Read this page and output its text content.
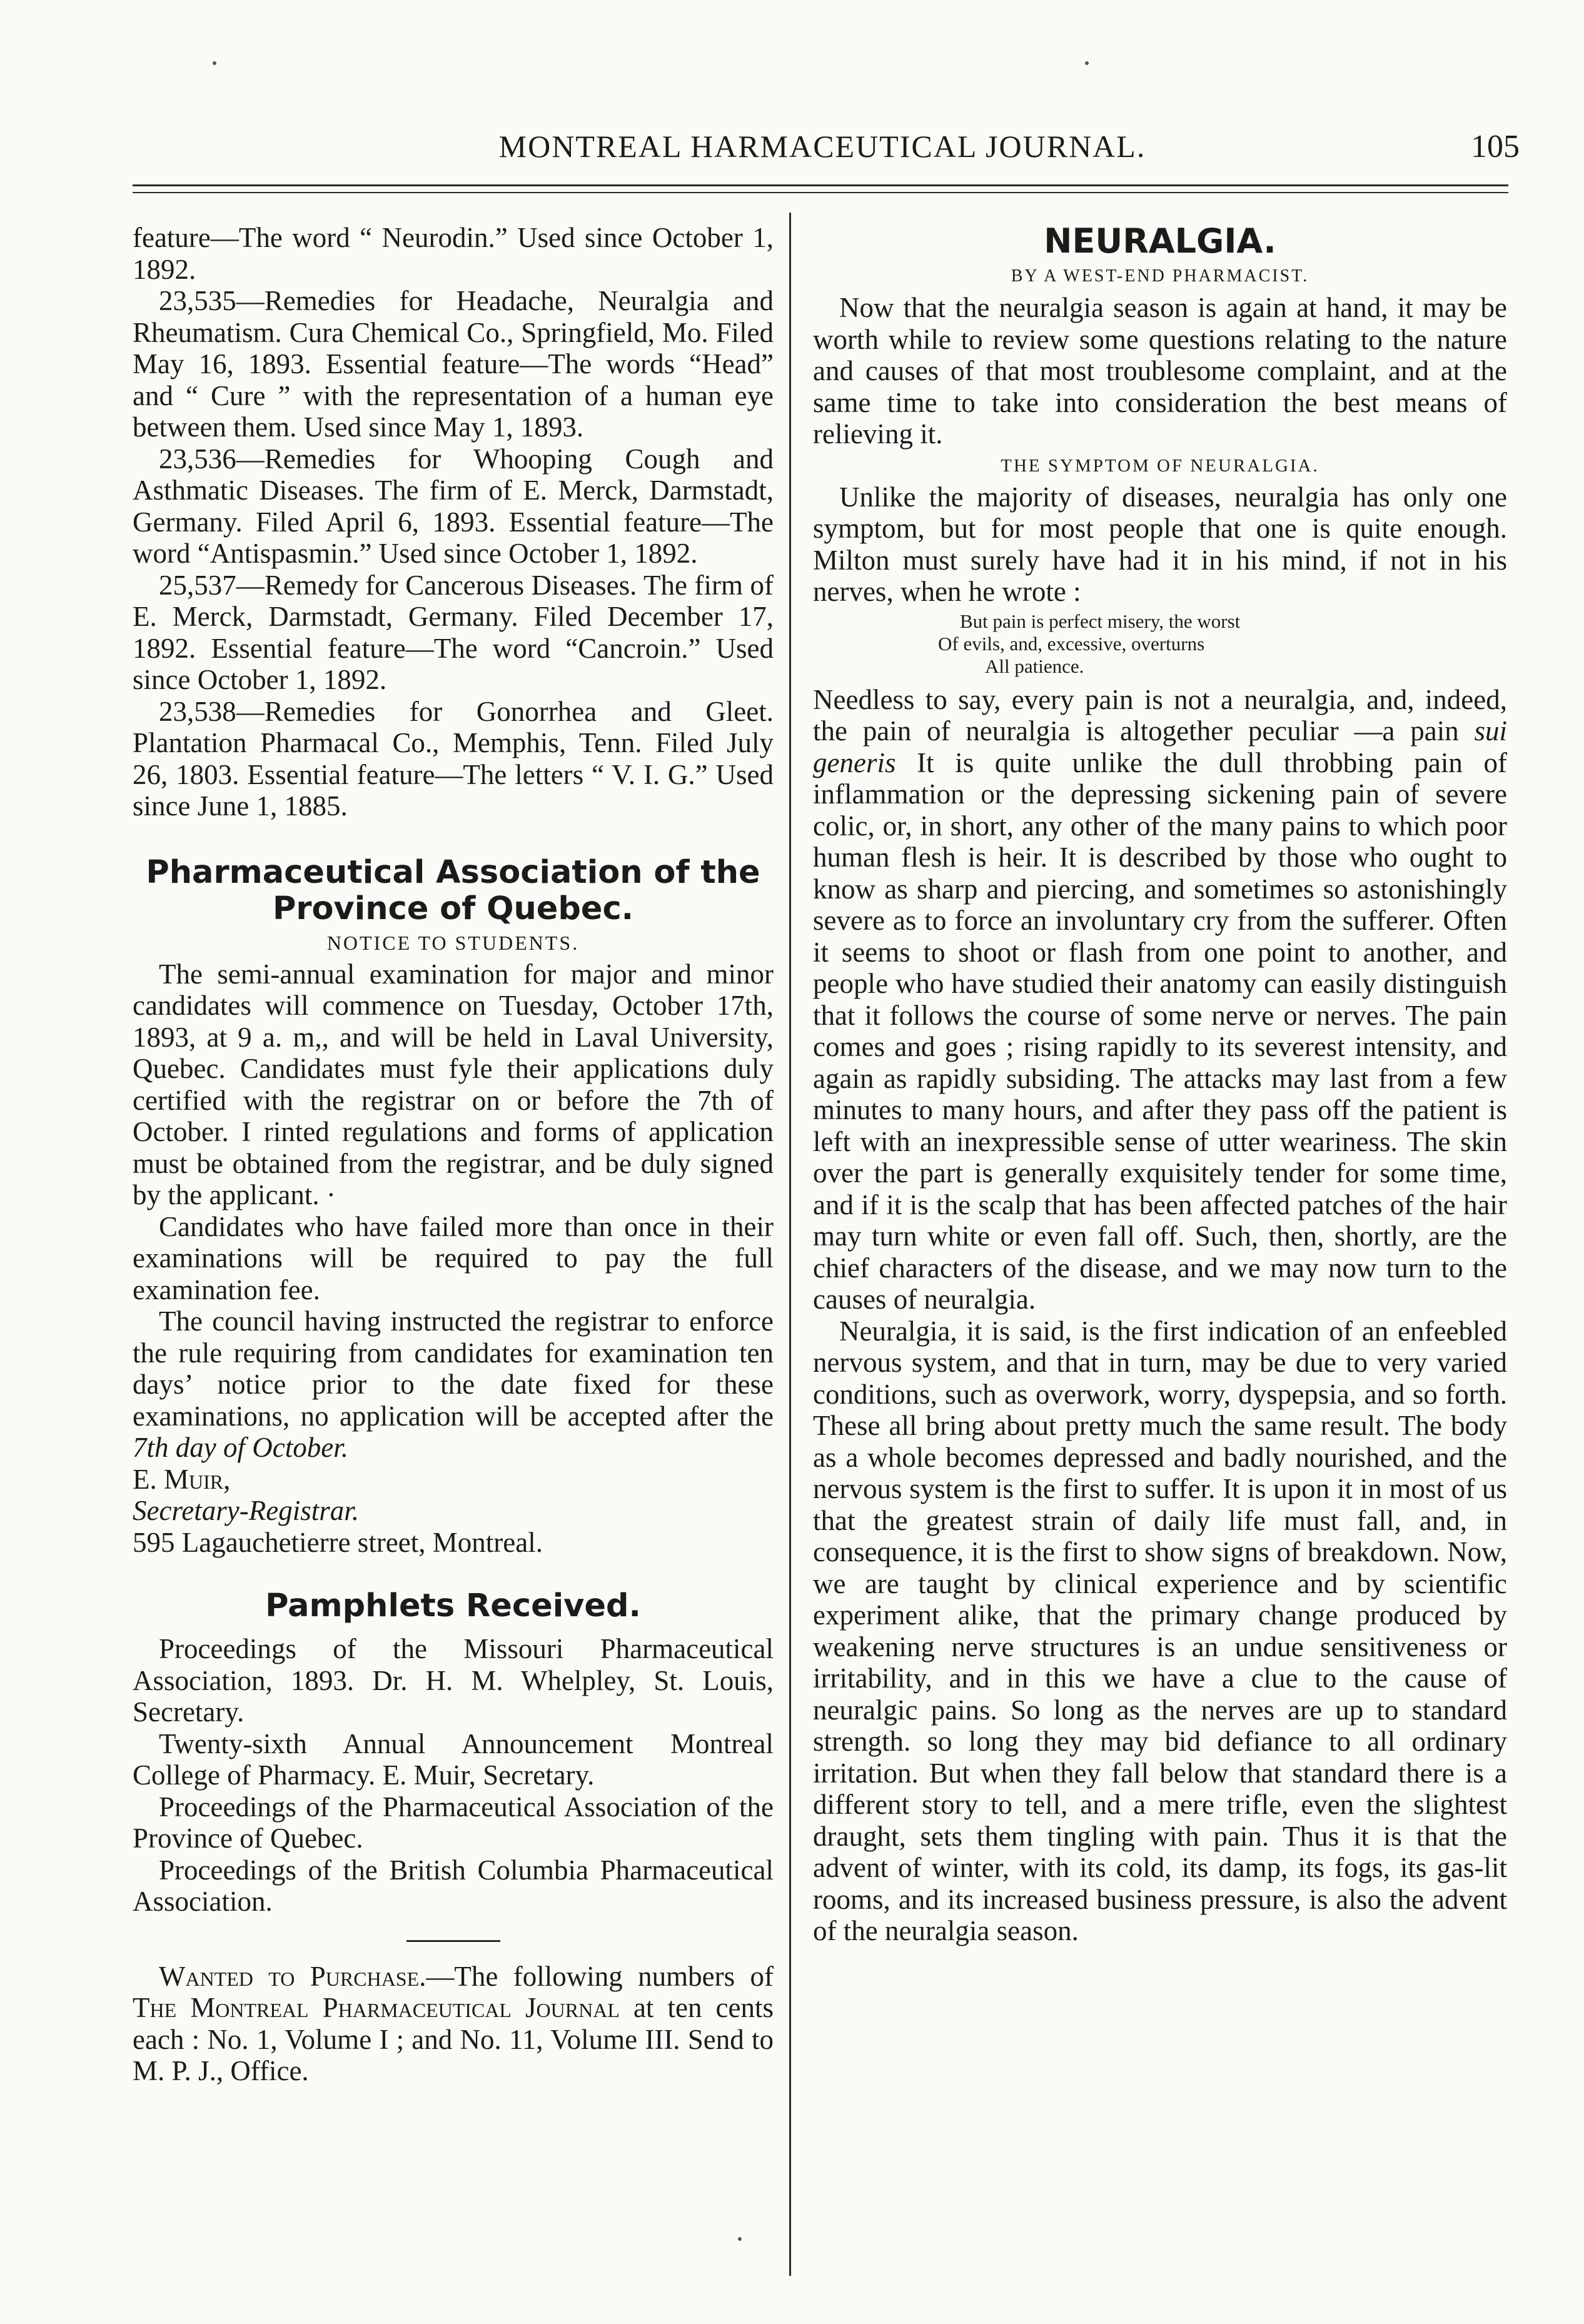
MONTREAL HARMACEUTICAL JOURNAL.	105

feature—The word “ Neurodin.” Used since October 1, 1892.

23,535—Remedies for Headache, Neuralgia and Rheumatism. Cura Chemical Co., Springfield, Mo. Filed May 16, 1893. Essential feature—The words “Head” and “ Cure ” with the representation of a human eye between them. Used since May 1, 1893.

23,536—Remedies for Whooping Cough and Asthmatic Diseases. The firm of E. Merck, Darmstadt, Germany. Filed April 6, 1893. Essential feature—The word “Antispasmin.” Used since October 1, 1892.

25,537—Remedy for Cancerous Diseases. The firm of E. Merck, Darmstadt, Germany. Filed December 17, 1892. Essential feature—The word “Cancroin.” Used since October 1, 1892.

23,538—Remedies for Gonorrhea and Gleet. Plantation Pharmacal Co., Memphis, Tenn. Filed July 26, 1803. Essential feature—The letters “ V. I. G.” Used since June 1, 1885.

Pharmaceutical Association of the Province of Quebec.
NOTICE TO STUDENTS.

The semi-annual examination for major and minor candidates will commence on Tuesday, October 17th, 1893, at 9 a. m,, and will be held in Laval University, Quebec. Candidates must fyle their applications duly certified with the registrar on or before the 7th of October. I rinted regulations and forms of application must be obtained from the registrar, and be duly signed by the applicant. ·

Candidates who have failed more than once in their examinations will be required to pay the full examination fee.

The council having instructed the registrar to enforce the rule requiring from candidates for examination ten days’ notice prior to the date fixed for these examinations, no application will be accepted after the 7th day of October.

E. Muir,

Secretary-Registrar.

595 Lagauchetierre street, Montreal.

Pamphlets Received.

Proceedings of the Missouri Pharmaceutical Association, 1893. Dr. H. M. Whelpley, St. Louis, Secretary.

Twenty-sixth Annual Announcement Montreal College of Pharmacy. E. Muir, Secretary.

Proceedings of the Pharmaceutical Association of the Province of Quebec.

Proceedings of the British Columbia Pharmaceutical Association.

Wanted to Purchase.—The following numbers of The Montreal Pharmaceutical Journal at ten cents each : No. 1, Volume I ; and No. 11, Volume III. Send to M. P. J., Office.

NEURALGIA.
BY A WEST-END PHARMACIST.

Now that the neuralgia season is again at hand, it may be worth while to review some questions relating to the nature and causes of that most troublesome complaint, and at the same time to take into consideration the best means of relieving it.

THE SYMPTOM OF NEURALGIA.

Unlike the majority of diseases, neuralgia has only one symptom, but for most people that one is quite enough. Milton must surely have had it in his mind, if not in his nerves, when he wrote :

But pain is perfect misery, the worst
Of evils, and, excessive, overturns
All patience.

Needless to say, every pain is not a neuralgia, and, indeed, the pain of neuralgia is altogether peculiar —a pain sui generis It is quite unlike the dull throbbing pain of inflammation or the depressing sickening pain of severe colic, or, in short, any other of the many pains to which poor human flesh is heir. It is described by those who ought to know as sharp and piercing, and sometimes so astonishingly severe as to force an involuntary cry from the sufferer. Often it seems to shoot or flash from one point to another, and people who have studied their anatomy can easily distinguish that it follows the course of some nerve or nerves. The pain comes and goes ; rising rapidly to its severest intensity, and again as rapidly subsiding. The attacks may last from a few minutes to many hours, and after they pass off the patient is left with an inexpressible sense of utter weariness. The skin over the part is generally exquisitely tender for some time, and if it is the scalp that has been affected patches of the hair may turn white or even fall off. Such, then, shortly, are the chief characters of the disease, and we may now turn to the causes of neuralgia.

Neuralgia, it is said, is the first indication of an enfeebled nervous system, and that in turn, may be due to very varied conditions, such as overwork, worry, dyspepsia, and so forth. These all bring about pretty much the same result. The body as a whole becomes depressed and badly nourished, and the nervous system is the first to suffer. It is upon it in most of us that the greatest strain of daily life must fall, and, in consequence, it is the first to show signs of breakdown. Now, we are taught by clinical experience and by scientific experiment alike, that the primary change produced by weakening nerve structures is an undue sensitiveness or irritability, and in this we have a clue to the cause of neuralgic pains. So long as the nerves are up to standard strength. so long they may bid defiance to all ordinary irritation. But when they fall below that standard there is a different story to tell, and a mere trifle, even the slightest draught, sets them tingling with pain. Thus it is that the advent of winter, with its cold, its damp, its fogs, its gas-lit rooms, and its increased business pressure, is also the advent of the neuralgia season.
